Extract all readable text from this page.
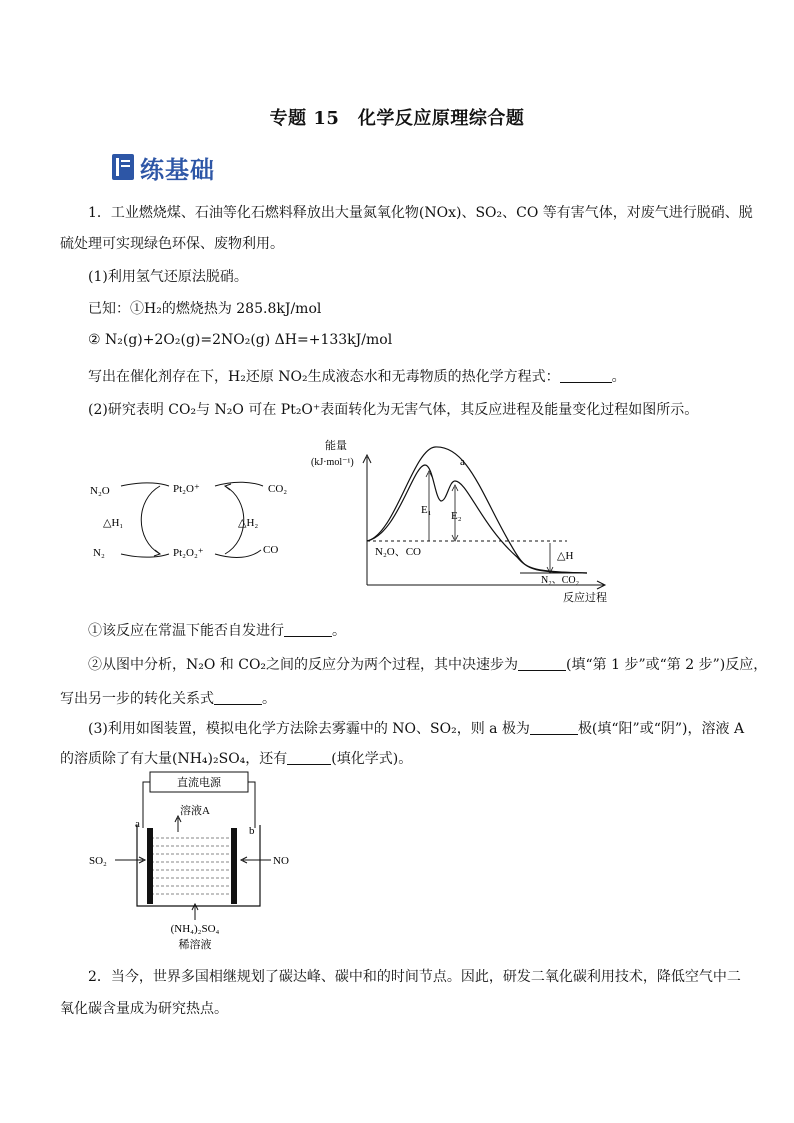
专题 15　化学反应原理综合题
练基础
1．工业燃烧煤、石油等化石燃料释放出大量氮氧化物(NOx)、SO₂、CO 等有害气体，对废气进行脱硝、脱
硫处理可实现绿色环保、废物利用。
(1)利用氢气还原法脱硝。
已知：①H₂的燃烧热为 285.8kJ/mol
② N₂(g)+2O₂(g)=2NO₂(g) ΔH=+133kJ/mol
写出在催化剂存在下，H₂还原 NO₂生成液态水和无毒物质的热化学方程式：	。
(2)研究表明 CO₂与 N₂O 可在 Pt₂O⁺表面转化为无害气体，其反应进程及能量变化过程如图所示。
N₂O
N₂
Pt₂O⁺
Pt₂O₂⁺
CO₂
CO
△H₁	△H₂
能量
(kJ·mol⁻¹)	a
E₁ E₂
△H
N₂O、CO
N₂、CO₂
反应过程
①该反应在常温下能否自发进行	。
②从图中分析，N₂O 和 CO₂之间的反应分为两个过程，其中决速步为	(填“第 1 步”或“第 2 步”)反应，
写出另一步的转化关系式	。
(3)利用如图装置，模拟电化学方法除去雾霾中的 NO、SO₂，则 a 极为	极(填“阳”或“阴”)，溶液 A
的溶质除了有大量(NH₄)₂SO₄，还有	(填化学式)。
直流电源
溶液A
a
b
SO₂	NO
(NH₄)₂SO₄
稀溶液
2．当今，世界多国相继规划了碳达峰、碳中和的时间节点。因此，研发二氧化碳利用技术，降低空气中二
氧化碳含量成为研究热点。
